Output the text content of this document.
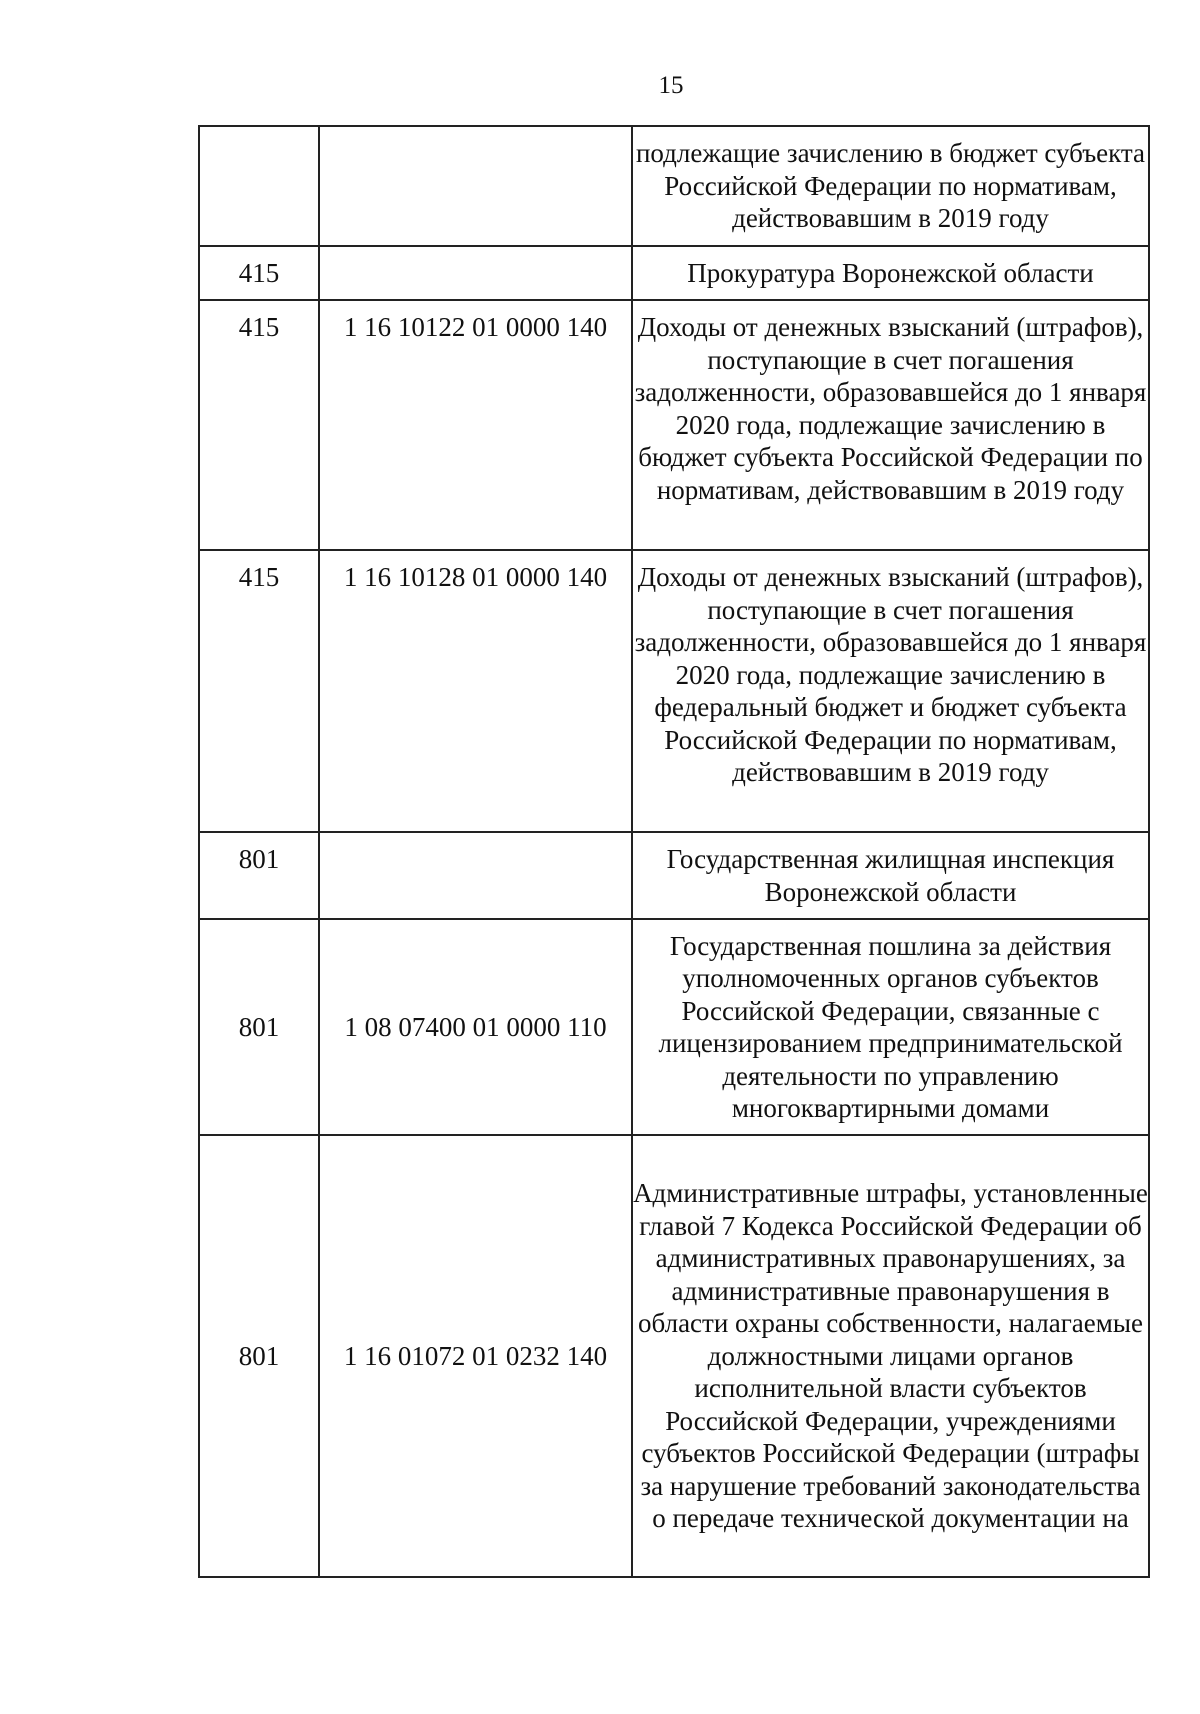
15
		подлежащие зачислению в бюджет субъекта Российской Федерации по нормативам, действовавшим в 2019 году
415		Прокуратура Воронежской области
415	1 16 10122 01 0000 140	Доходы от денежных взысканий (штрафов), поступающие в счет погашения задолженности, образовавшейся до 1 января 2020 года, подлежащие зачислению в бюджет субъекта Российской Федерации по нормативам, действовавшим в 2019 году
415	1 16 10128 01 0000 140	Доходы от денежных взысканий (штрафов), поступающие в счет погашения задолженности, образовавшейся до 1 января 2020 года, подлежащие зачислению в федеральный бюджет и бюджет субъекта Российской Федерации по нормативам, действовавшим в 2019 году
801		Государственная жилищная инспекция Воронежской области
801	1 08 07400 01 0000 110	Государственная пошлина за действия уполномоченных органов субъектов Российской Федерации, связанные с лицензированием предпринимательской деятельности по управлению многоквартирными домами
801	1 16 01072 01 0232 140	Административные штрафы, установленные главой 7 Кодекса Российской Федерации об административных правонарушениях, за административные правонарушения в области охраны собственности, налагаемые должностными лицами органов исполнительной власти субъектов Российской Федерации, учреждениями субъектов Российской Федерации (штрафы за нарушение требований законодательства о передаче технической документации на
